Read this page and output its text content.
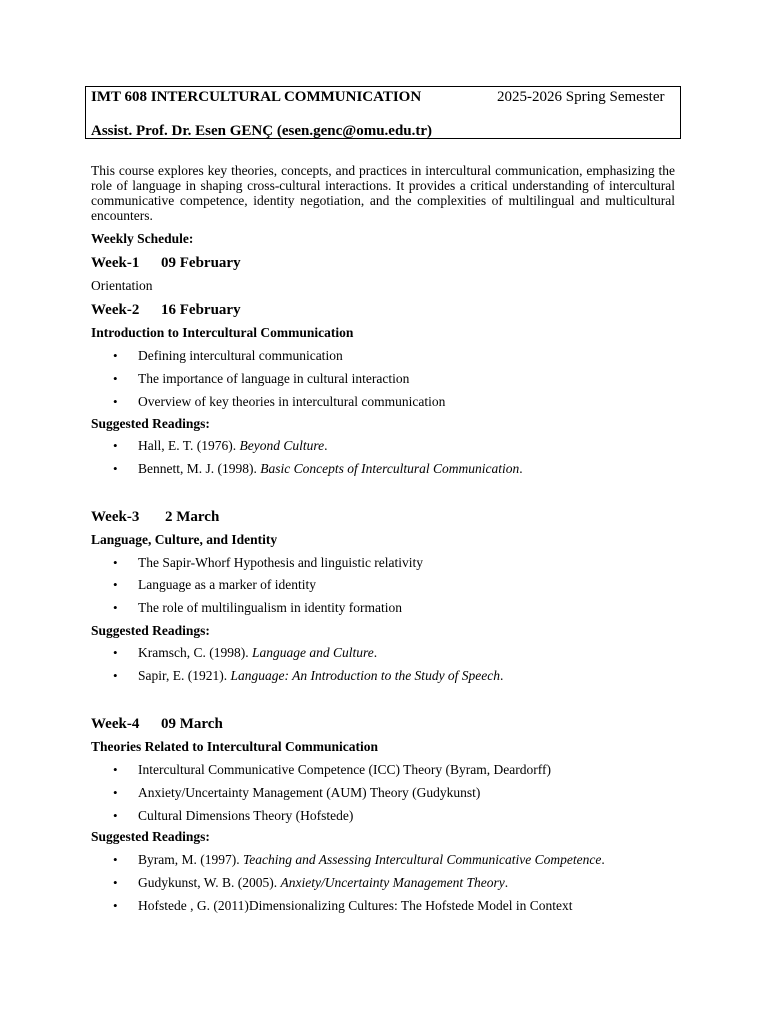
IMT 608 INTERCULTURAL COMMUNICATION	2025-2026 Spring Semester
Assist. Prof. Dr. Esen GENÇ (esen.genc@omu.edu.tr)
This course explores key theories, concepts, and practices in intercultural communication, emphasizing the role of language in shaping cross-cultural interactions. It provides a critical understanding of intercultural communicative competence, identity negotiation, and the complexities of multilingual and multicultural encounters.
Weekly Schedule:
Week-1 09 February
Orientation
Week-2 16 February
Introduction to Intercultural Communication
• Defining intercultural communication
• The importance of language in cultural interaction
• Overview of key theories in intercultural communication
Suggested Readings:
• Hall, E. T. (1976). Beyond Culture.
• Bennett, M. J. (1998). Basic Concepts of Intercultural Communication.
Week-3 2 March
Language, Culture, and Identity
• The Sapir-Whorf Hypothesis and linguistic relativity
• Language as a marker of identity
• The role of multilingualism in identity formation
Suggested Readings:
• Kramsch, C. (1998). Language and Culture.
• Sapir, E. (1921). Language: An Introduction to the Study of Speech.
Week-4 09 March
Theories Related to Intercultural Communication
• Intercultural Communicative Competence (ICC) Theory (Byram, Deardorff)
• Anxiety/Uncertainty Management (AUM) Theory (Gudykunst)
• Cultural Dimensions Theory (Hofstede)
Suggested Readings:
• Byram, M. (1997). Teaching and Assessing Intercultural Communicative Competence.
• Gudykunst, W. B. (2005). Anxiety/Uncertainty Management Theory.
• Hofstede , G. (2011)Dimensionalizing Cultures: The Hofstede Model in Context
